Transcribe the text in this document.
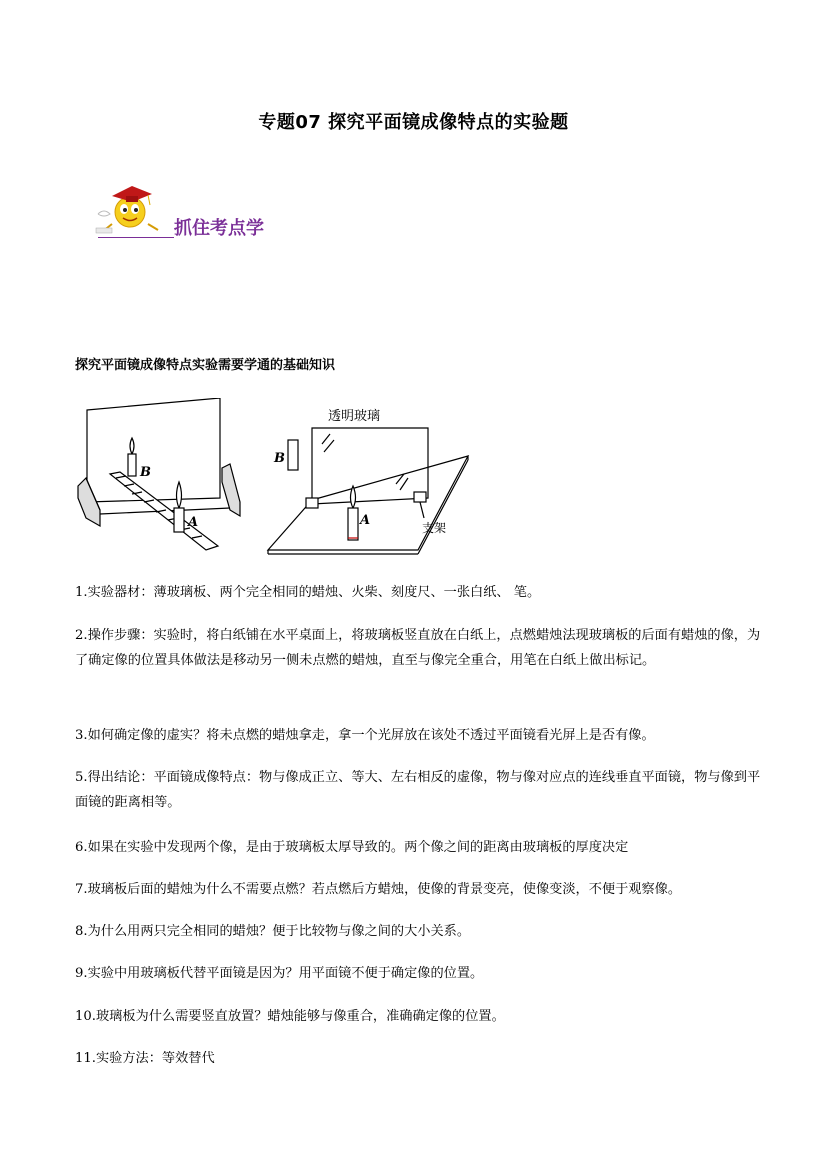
专题07 探究平面镜成像特点的实验题
抓住考点学
探究平面镜成像特点实验需要学通的基础知识
B
A
透明玻璃
B
A	支架
1.实验器材：薄玻璃板、两个完全相同的蜡烛、火柴、刻度尺、一张白纸、 笔。
2.操作步骤：实验时，将白纸铺在水平桌面上，将玻璃板竖直放在白纸上，点燃蜡烛法现玻璃板的后面有蜡烛的像，为了确定像的位置具体做法是移动另一侧未点燃的蜡烛，直至与像完全重合，用笔在白纸上做出标记。
3.如何确定像的虚实？将未点燃的蜡烛拿走，拿一个光屏放在该处不透过平面镜看光屏上是否有像。
5.得出结论：平面镜成像特点：物与像成正立、等大、左右相反的虚像，物与像对应点的连线垂直平面镜，物与像到平面镜的距离相等。
6.如果在实验中发现两个像，是由于玻璃板太厚导致的。两个像之间的距离由玻璃板的厚度决定
7.玻璃板后面的蜡烛为什么不需要点燃？若点燃后方蜡烛，使像的背景变亮，使像变淡，不便于观察像。
8.为什么用两只完全相同的蜡烛？便于比较物与像之间的大小关系。
9.实验中用玻璃板代替平面镜是因为？用平面镜不便于确定像的位置。
10.玻璃板为什么需要竖直放置？蜡烛能够与像重合，准确确定像的位置。
11.实验方法：等效替代
